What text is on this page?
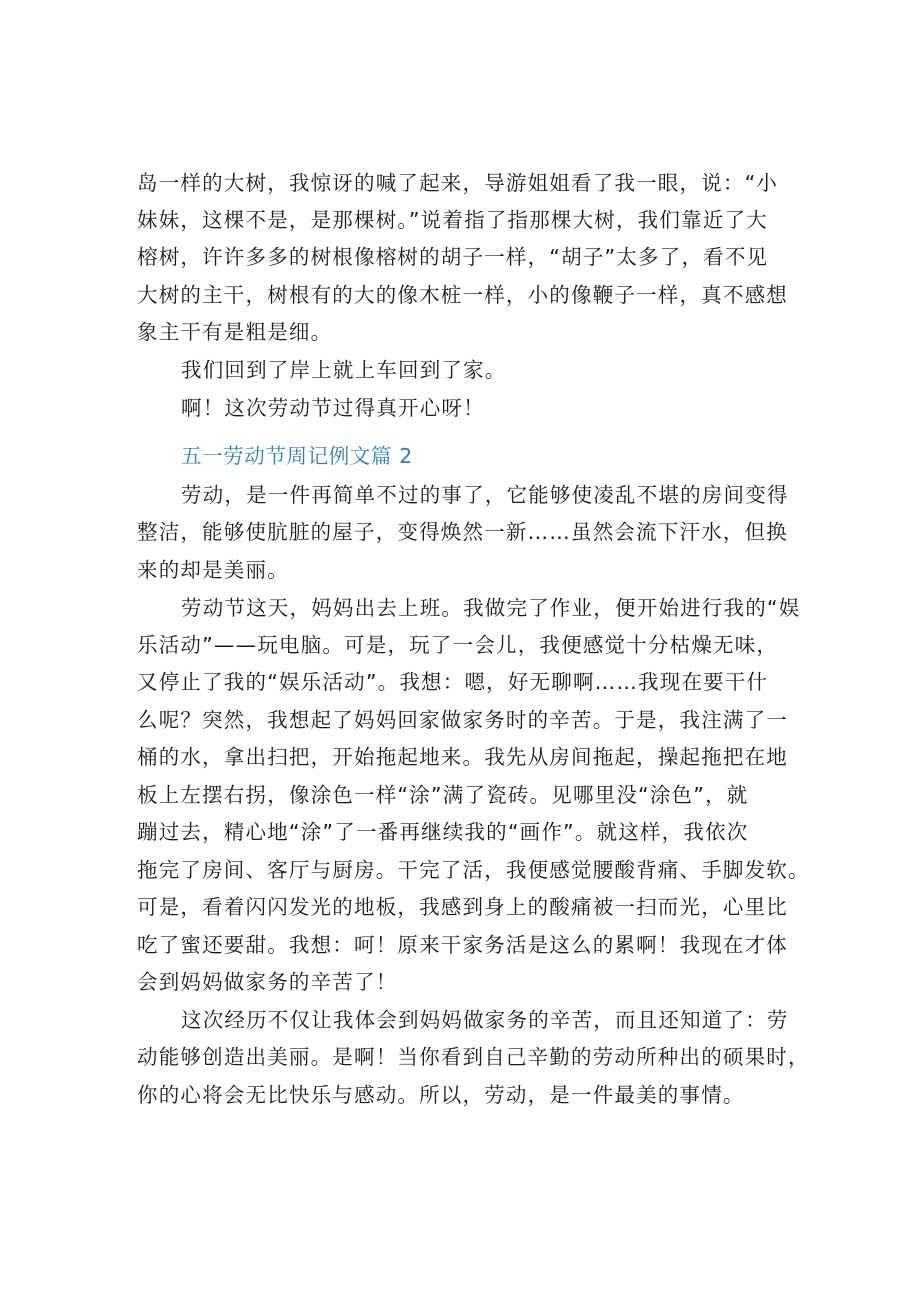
岛一样的大树，我惊讶的喊了起来，导游姐姐看了我一眼，说：“小
妹妹，这棵不是，是那棵树。”说着指了指那棵大树，我们靠近了大
榕树，许许多多的树根像榕树的胡子一样，“胡子”太多了，看不见
大树的主干，树根有的大的像木桩一样，小的像鞭子一样，真不感想
象主干有是粗是细。
我们回到了岸上就上车回到了家。
啊！这次劳动节过得真开心呀！
五一劳动节周记例文篇 2
劳动，是一件再简单不过的事了，它能够使凌乱不堪的房间变得
整洁，能够使肮脏的屋子，变得焕然一新……虽然会流下汗水，但换
来的却是美丽。
劳动节这天，妈妈出去上班。我做完了作业，便开始进行我的“娱
乐活动”——玩电脑。可是，玩了一会儿，我便感觉十分枯燥无味，
又停止了我的“娱乐活动”。我想：嗯，好无聊啊……我现在要干什
么呢？突然，我想起了妈妈回家做家务时的辛苦。于是，我注满了一
桶的水，拿出扫把，开始拖起地来。我先从房间拖起，操起拖把在地
板上左摆右拐，像涂色一样“涂”满了瓷砖。见哪里没“涂色”，就
蹦过去，精心地“涂”了一番再继续我的“画作”。就这样，我依次
拖完了房间、客厅与厨房。干完了活，我便感觉腰酸背痛、手脚发软。
可是，看着闪闪发光的地板，我感到身上的酸痛被一扫而光，心里比
吃了蜜还要甜。我想：呵！原来干家务活是这么的累啊！我现在才体
会到妈妈做家务的辛苦了！
这次经历不仅让我体会到妈妈做家务的辛苦，而且还知道了：劳
动能够创造出美丽。是啊！当你看到自己辛勤的劳动所种出的硕果时，
你的心将会无比快乐与感动。所以，劳动，是一件最美的事情。
